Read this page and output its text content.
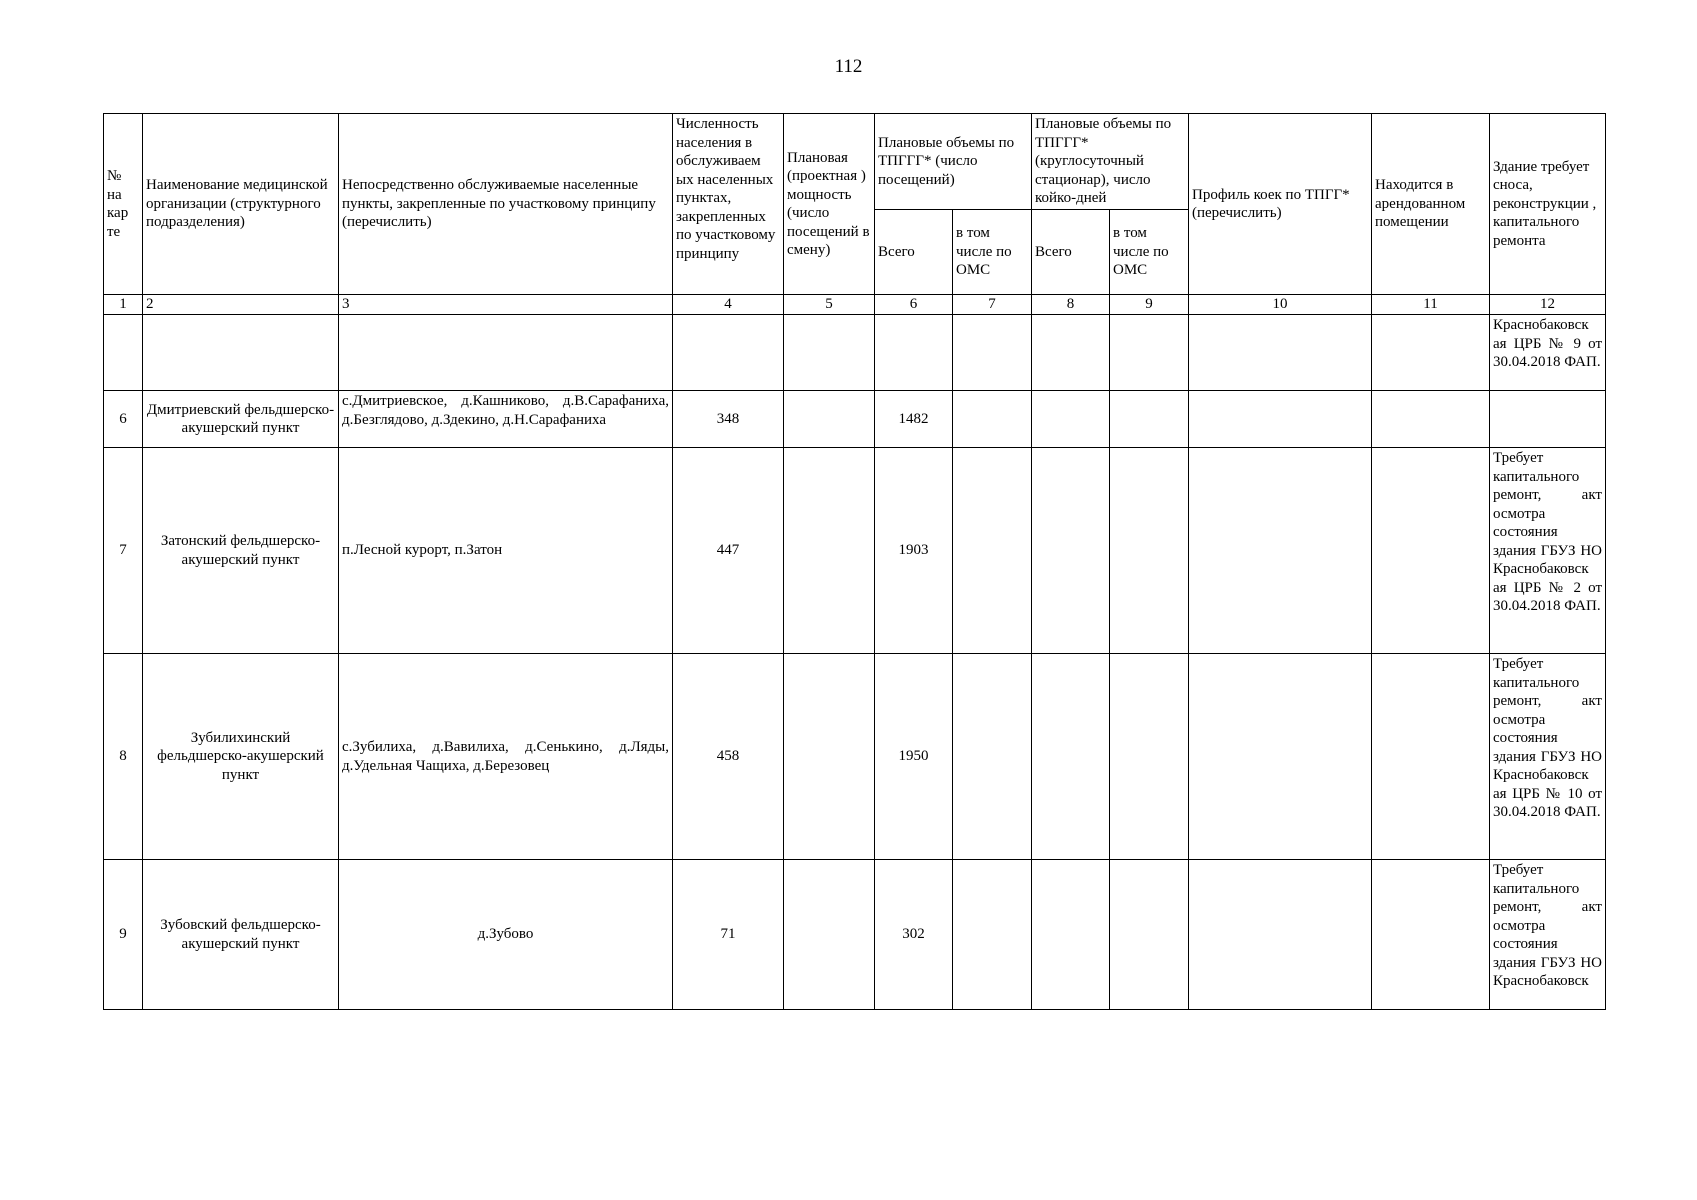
112
№ на кар те	Наименование медицинской организации (структурного подразделения)	Непосредственно обслуживаемые населенные пункты, закрепленные по участковому принципу (перечислить)	Численность населения в обслуживаем ых населенных пунктах, закрепленных по участковому принципу	Плановая (проектная ) мощность (число посещений в смену)	Плановые объемы по ТПГГГ* (число посещений)		Плановые объемы по ТПГГГ* (круглосуточный стационар), число койко-дней		Профиль коек по ТПГГ* (перечислить)	Находится в арендованном помещении	Здание требует сноса, реконструкции , капитального ремонта
					Всего	в том числе по ОМС	Всего	в том числе по ОМС			
1	2	3	4	5	6	7	8	9	10	11	12
											Краснобаковск ая ЦРБ № 9 от 30.04.2018 ФАП.
6	Дмитриевский фельдшерско-акушерский пункт	с.Дмитриевское, д.Кашниково, д.В.Сарафаниха, д.Безглядово, д.Здекино, д.Н.Сарафаниха	348		1482						
7	Затонский фельдшерско-акушерский пункт	п.Лесной курорт, п.Затон	447		1903						Требует капитального ремонт, акт осмотра состояния здания ГБУЗ НО Краснобаковск ая ЦРБ № 2 от 30.04.2018 ФАП.
8	Зубилихинский фельдшерско-акушерский пункт	с.Зубилиха, д.Вавилиха, д.Сенькино, д.Ляды, д.Удельная Чащиха, д.Березовец	458		1950						Требует капитального ремонт, акт осмотра состояния здания ГБУЗ НО Краснобаковск ая ЦРБ № 10 от 30.04.2018 ФАП.
9	Зубовский фельдшерско-акушерский пункт	д.Зубово	71		302						Требует капитального ремонт, акт осмотра состояния здания ГБУЗ НО Краснобаковск
